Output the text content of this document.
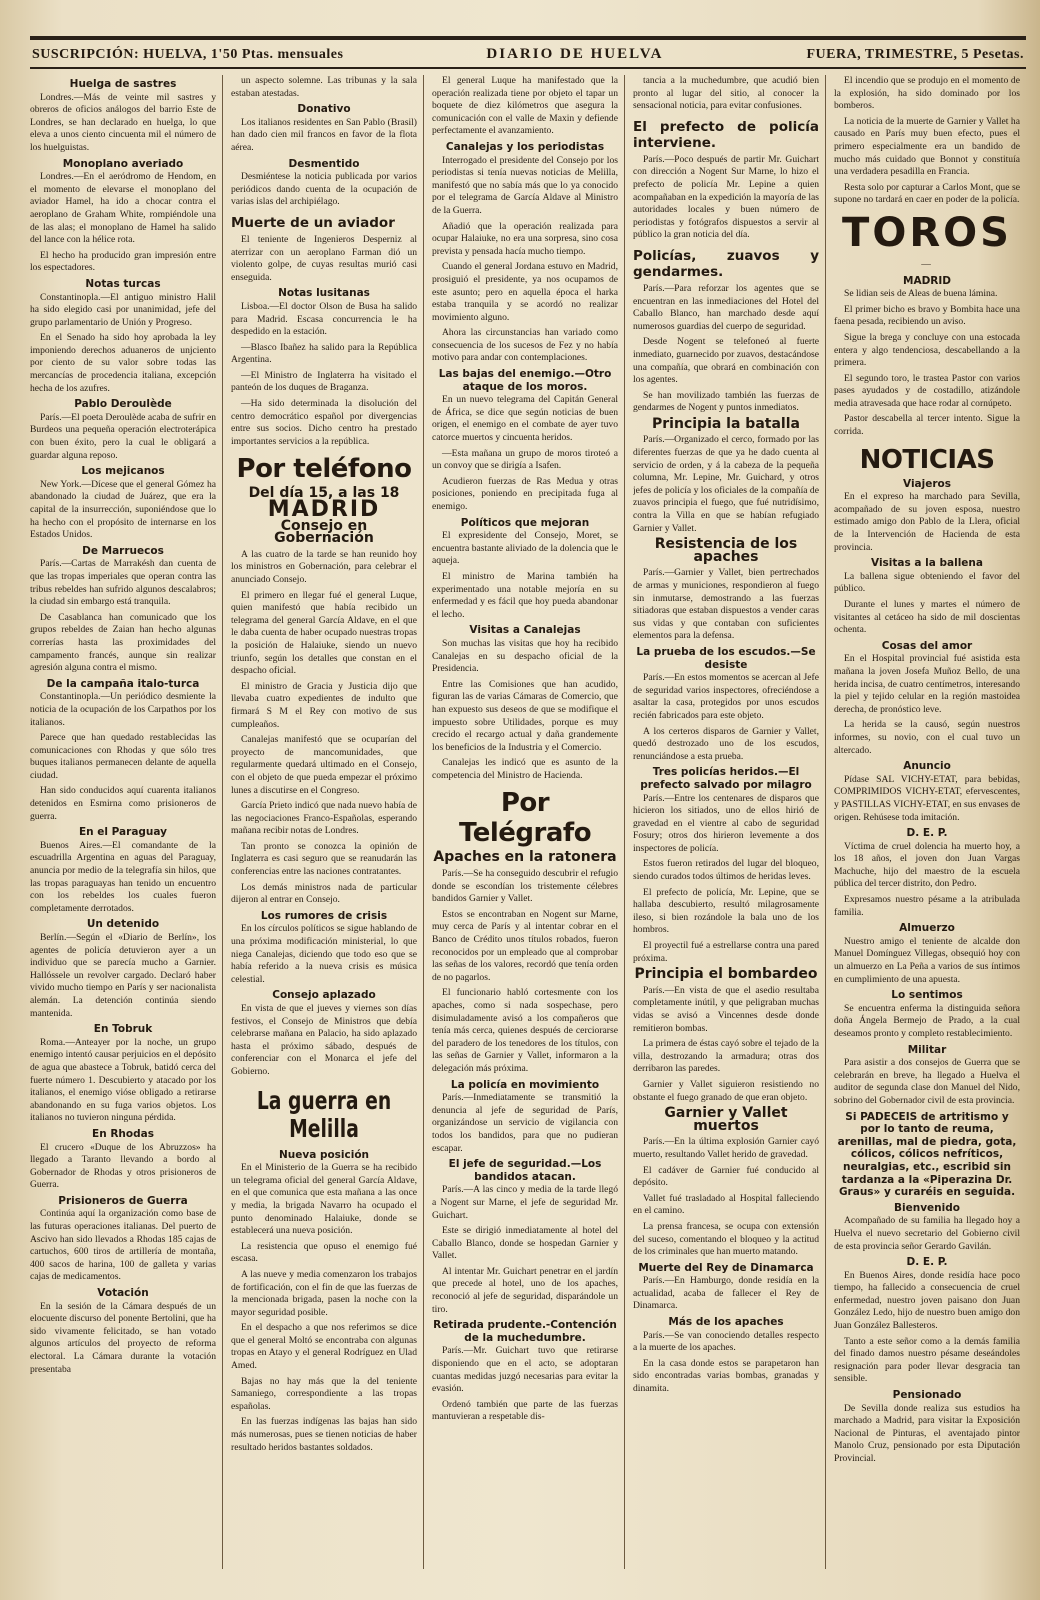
SUSCRIPCIÓN: HUELVA, 1'50 Ptas. mensuales	DIARIO DE HUELVA	FUERA, TRIMESTRE, 5 Pesetas.
Huelga de sastres
Londres.—Más de veinte mil sastres y obreros de oficios análogos del barrio Este de Londres, se han declarado en huelga, lo que eleva a unos ciento cincuenta mil el número de los huelguistas.
Monoplano averiado
Londres.—En el aeródromo de Hendom, en el momento de elevarse el monoplano del aviador Hamel, ha ido a chocar contra el aeroplano de Graham White, rompiéndole una de las alas; el monoplano de Hamel ha salido del lance con la hélice rota.
El hecho ha producido gran impresión entre los espectadores.
Notas turcas
Constantinopla.—El antiguo ministro Halil ha sido elegido casi por unanimidad, jefe del grupo parlamentario de Unión y Progreso.
En el Senado ha sido hoy aprobada la ley imponiendo derechos aduaneros de unjciento por ciento de su valor sobre todas las mercancías de procedencia italiana, excepción hecha de los azufres.
Pablo Deroulède
París.—El poeta Deroulède acaba de sufrir en Burdeos una pequeña operación electroterápica con buen éxito, pero la cual le obligará a guardar alguna reposo.
Los mejicanos
New York.—Dícese que el general Gómez ha abandonado la ciudad de Juárez, que era la capital de la insurrección, suponiéndose que lo ha hecho con el propósito de internarse en los Estados Unidos.
De Marruecos
París.—Cartas de Marrakésh dan cuenta de que las tropas imperiales que operan contra las tribus rebeldes han sufrido algunos descalabros; la ciudad sin embargo está tranquila.
De Casablanca han comunicado que los grupos rebeldes de Zaian han hecho algunas correrías hasta las proximidades del campamento francés, aunque sin realizar agresión alguna contra el mismo.
De la campaña italo-turca
Constantinopla.—Un periódico desmiente la noticia de la ocupación de los Carpathos por los italianos.
Parece que han quedado restablecidas las comunicaciones con Rhodas y que sólo tres buques italianos permanecen delante de aquella ciudad.
Han sido conducidos aquí cuarenta italianos detenidos en Esmirna como prisioneros de guerra.
En el Paraguay
Buenos Aires.—El comandante de la escuadrilla Argentina en aguas del Paraguay, anuncia por medio de la telegrafía sin hilos, que las tropas paraguayas han tenido un encuentro con los rebeldes los cuales fueron completamente derrotados.
Un detenido
Berlín.—Según el «Diario de Berlín», los agentes de policía detuvieron ayer a un individuo que se parecía mucho a Garnier. Hallóssele un revolver cargado. Declaró haber vivido mucho tiempo en París y ser nacionalista alemán. La detención continúa siendo mantenida.
En Tobruk
Roma.—Anteayer por la noche, un grupo enemigo intentó causar perjuicios en el depósito de agua que abastece a Tobruk, batidó cerca del fuerte número 1. Descubierto y atacado por los italianos, el enemigo vióse obligado a retirarse abandonando en su fuga varios objetos. Los italianos no tuvieron ninguna pérdida.
En Rhodas
El crucero «Duque de los Abruzzos» ha llegado a Taranto llevando a bordo al Gobernador de Rhodas y otros prisioneros de Guerra.
Prisioneros de Guerra
Continúa aquí la organización como base de las futuras operaciones italianas. Del puerto de Ascivo han sido llevados a Rhodas 185 cajas de cartuchos, 600 tiros de artillería de montaña, 400 sacos de harina, 100 de galleta y varias cajas de medicamentos.
Votación
En la sesión de la Cámara después de un elocuente discurso del ponente Bertolini, que ha sido vivamente felicitado, se han votado algunos artículos del proyecto de reforma electoral. La Cámara durante la votación presentaba
un aspecto solemne. Las tribunas y la sala estaban atestadas.
Donativo
Los italianos residentes en San Pablo (Brasil) han dado cien mil francos en favor de la flota aérea.
Desmentido
Desmiéntese la noticia publicada por varios periódicos dando cuenta de la ocupación de varias islas del archipiélago.
Muerte de un aviador
El teniente de Ingenieros Desperniz al aterrizar con un aeroplano Farman dió un violento golpe, de cuyas resultas murió casi enseguida.
Notas lusitanas
Lisboa.—El doctor Olson de Busa ha salido para Madrid. Escasa concurrencia le ha despedido en la estación.
—Blasco Ibañez ha salido para la República Argentina.
—El Ministro de Inglaterra ha visitado el panteón de los duques de Braganza.
—Ha sido determinada la disolución del centro democrático español por divergencias entre sus socios. Dicho centro ha prestado importantes servicios a la república.
Por teléfono
Del día 15, a las 18
MADRID
Consejo en Gobernación
A las cuatro de la tarde se han reunido hoy los ministros en Gobernación, para celebrar el anunciado Consejo.
El primero en llegar fué el general Luque, quien manifestó que había recibido un telegrama del general García Aldave, en el que le daba cuenta de haber ocupado nuestras tropas la posición de Halaiuke, siendo un nuevo triunfo, según los detalles que constan en el despacho oficial.
El ministro de Gracia y Justicia dijo que llevaba cuatro expedientes de indulto que firmará S M el Rey con motivo de sus cumpleaños.
Canalejas manifestó que se ocuparían del proyecto de mancomunidades, que regularmente quedará ultimado en el Consejo, con el objeto de que pueda empezar el próximo lunes a discutirse en el Congreso.
García Prieto indicó que nada nuevo había de las negociaciones Franco-Españolas, esperando mañana recibir notas de Londres.
Tan pronto se conozca la opinión de Inglaterra es casi seguro que se reanudarán las conferencias entre las naciones contratantes.
Los demás ministros nada de particular dijeron al entrar en Consejo.
Los rumores de crisis
En los círculos políticos se sigue hablando de una próxima modificación ministerial, lo que niega Canalejas, diciendo que todo eso que se había referido a la nueva crisis es música celestial.
Consejo aplazado
En vista de que el jueves y viernes son días festivos, el Consejo de Ministros que debía celebrarse mañana en Palacio, ha sido aplazado hasta el próximo sábado, después de conferenciar con el Monarca el jefe del Gobierno.
La guerra en Melilla
Nueva posición
En el Ministerio de la Guerra se ha recibido un telegrama oficial del general García Aldave, en el que comunica que esta mañana a las once y media, la brigada Navarro ha ocupado el punto denominado Halaiuke, donde se establecerá una nueva posición.
La resistencia que opuso el enemigo fué escasa.
A las nueve y media comenzaron los trabajos de fortificación, con el fin de que las fuerzas de la mencionada brigada, pasen la noche con la mayor seguridad posible.
En el despacho a que nos referimos se dice que el general Moltó se encontraba con algunas tropas en Atayo y el general Rodríguez en Ulad Amed.
Bajas no hay más que la del teniente Samaniego, correspondiente a las tropas españolas.
En las fuerzas indígenas las bajas han sido más numerosas, pues se tienen noticias de haber resultado heridos bastantes soldados.
El general Luque ha manifestado que la operación realizada tiene por objeto el tapar un boquete de diez kilómetros que asegura la comunicación con el valle de Maxin y defiende perfectamente el avanzamiento.
Canalejas y los periodistas
Interrogado el presidente del Consejo por los periodistas si tenía nuevas noticias de Melilla, manifestó que no sabía más que lo ya conocido por el telegrama de García Aldave al Ministro de la Guerra.
Añadió que la operación realizada para ocupar Halaiuke, no era una sorpresa, sino cosa prevista y pensada hacía mucho tiempo.
Cuando el general Jordana estuvo en Madrid, prosiguió el presidente, ya nos ocupamos de este asunto; pero en aquella época el harka estaba tranquila y se acordó no realizar movimiento alguno.
Ahora las circunstancias han variado como consecuencia de los sucesos de Fez y no había motivo para andar con contemplaciones.
Las bajas del enemigo.—Otro ataque de los moros.
En un nuevo telegrama del Capitán General de África, se dice que según noticias de buen origen, el enemigo en el combate de ayer tuvo catorce muertos y cincuenta heridos.
—Esta mañana un grupo de moros tiroteó a un convoy que se dirigía a Isafen.
Acudieron fuerzas de Ras Medua y otras posiciones, poniendo en precipitada fuga al enemigo.
Políticos que mejoran
El expresidente del Consejo, Moret, se encuentra bastante aliviado de la dolencia que le aqueja.
El ministro de Marina también ha experimentado una notable mejoría en su enfermedad y es fácil que hoy pueda abandonar el lecho.
Visitas a Canalejas
Son muchas las visitas que hoy ha recibido Canalejas en su despacho oficial de la Presidencia.
Entre las Comisiones que han acudido, figuran las de varias Cámaras de Comercio, que han expuesto sus deseos de que se modifique el impuesto sobre Utilidades, porque es muy crecido el recargo actual y daña grandemente los beneficios de la Industria y el Comercio.
Canalejas les indicó que es asunto de la competencia del Ministro de Hacienda.
Por Telégrafo
Apaches en la ratonera
París.—Se ha conseguido descubrir el refugio donde se escondían los tristemente célebres bandidos Garnier y Vallet.
Estos se encontraban en Nogent sur Marne, muy cerca de París y al intentar cobrar en el Banco de Crédito unos títulos robados, fueron reconocidos por un empleado que al comprobar las señas de los valores, recordó que tenía orden de no pagarlos.
El funcionario habló cortesmente con los apaches, como si nada sospechase, pero disimuladamente avisó a los compañeros que tenía más cerca, quienes después de cerciorarse del paradero de los tenedores de los títulos, con las señas de Garnier y Vallet, informaron a la delegación más próxima.
La policía en movimiento
París.—Inmediatamente se transmitió la denuncia al jefe de seguridad de París, organizándose un servicio de vigilancia con todos los bandidos, para que no pudieran escapar.
El jefe de seguridad.—Los bandidos atacan.
París.—A las cinco y media de la tarde llegó a Nogent sur Marne, el jefe de seguridad Mr. Guichart.
Este se dirigió inmediatamente al hotel del Caballo Blanco, donde se hospedan Garnier y Vallet.
Al intentar Mr. Guichart penetrar en el jardín que precede al hotel, uno de los apaches, reconoció al jefe de seguridad, disparándole un tiro.
Retirada prudente.-Contención de la muchedumbre.
París.—Mr. Guichart tuvo que retirarse disponiendo que en el acto, se adoptaran cuantas medidas juzgó necesarias para evitar la evasión.
Ordenó también que parte de las fuerzas mantuvieran a respetable dis-
tancia a la muchedumbre, que acudió bien pronto al lugar del sitio, al conocer la sensacional noticia, para evitar confusiones.
El prefecto de policía interviene.
París.—Poco después de partir Mr. Guichart con dirección a Nogent Sur Marne, lo hizo el prefecto de policía Mr. Lepine a quien acompañaban en la expedición la mayoría de las autoridades locales y buen número de periodistas y fotógrafos dispuestos a servir al público la gran noticia del día.
Policías, zuavos y gendarmes.
París.—Para reforzar los agentes que se encuentran en las inmediaciones del Hotel del Caballo Blanco, han marchado desde aquí numerosos guardias del cuerpo de seguridad.
Desde Nogent se telefoneó al fuerte inmediato, guarnecido por zuavos, destacándose una compañía, que obrará en combinación con los agentes.
Se han movilizado también las fuerzas de gendarmes de Nogent y puntos inmediatos.
Principia la batalla
París.—Organizado el cerco, formado por las diferentes fuerzas de que ya he dado cuenta al servicio de orden, y á la cabeza de la pequeña columna, Mr. Lepine, Mr. Guichard, y otros jefes de policía y los oficiales de la compañía de zuavos principia el fuego, que fué nutridísimo, contra la Villa en que se habían refugiado Garnier y Vallet.
Resistencia de los apaches
París.—Garnier y Vallet, bien pertrechados de armas y municiones, respondieron al fuego sin inmutarse, demostrando a las fuerzas sitiadoras que estaban dispuestos a vender caras sus vidas y que contaban con suficientes elementos para la defensa.
La prueba de los escudos.—Se desiste
París.—En estos momentos se acercan al Jefe de seguridad varios inspectores, ofreciéndose a asaltar la casa, protegidos por unos escudos recién fabricados para este objeto.
A los certeros disparos de Garnier y Vallet, quedó destrozado uno de los escudos, renunciándose a esta prueba.
Tres policías heridos.—El prefecto salvado por milagro
París.—Entre los centenares de disparos que hicieron los sitiados, uno de ellos hirió de gravedad en el vientre al cabo de seguridad Fosury; otros dos hirieron levemente a dos inspectores de policía.
Estos fueron retirados del lugar del bloqueo, siendo curados todos últimos de heridas leves.
El prefecto de policía, Mr. Lepine, que se hallaba descubierto, resultó milagrosamente ileso, si bien rozándole la bala uno de los hombros.
El proyectil fué a estrellarse contra una pared próxima.
Principia el bombardeo
París.—En vista de que el asedio resultaba completamente inútil, y que peligraban muchas vidas se avisó a Vincennes desde donde remitieron bombas.
La primera de éstas cayó sobre el tejado de la villa, destrozando la armadura; otras dos derribaron las paredes.
Garnier y Vallet siguieron resistiendo no obstante el fuego granado de que eran objeto.
Garnier y Vallet muertos
París.—En la última explosión Garnier cayó muerto, resultando Vallet herido de gravedad.
El cadáver de Garnier fué conducido al depósito.
Vallet fué trasladado al Hospital falleciendo en el camino.
La prensa francesa, se ocupa con extensión del suceso, comentando el bloqueo y la actitud de los criminales que han muerto matando.
Muerte del Rey de Dinamarca
París.—En Hamburgo, donde residía en la actualidad, acaba de fallecer el Rey de Dinamarca.
Más de los apaches
París.—Se van conociendo detalles respecto a la muerte de los apaches.
En la casa donde estos se parapetaron han sido encontradas varias bombas, granadas y dinamita.
El incendio que se produjo en el momento de la explosión, ha sido dominado por los bomberos.
La noticia de la muerte de Garnier y Vallet ha causado en París muy buen efecto, pues el primero especialmente era un bandido de mucho más cuidado que Bonnot y constituía una verdadera pesadilla en Francia.
Resta solo por capturar a Carlos Mont, que se supone no tardará en caer en poder de la policía.
TOROS
—
MADRID
Se lidian seis de Aleas de buena lámina.
El primer bicho es bravo y Bombita hace una faena pesada, recibiendo un aviso.
Sigue la brega y concluye con una estocada entera y algo tendenciosa, descabellando a la primera.
El segundo toro, le trastea Pastor con varios pases ayudados y de costadillo, atizándole media atravesada que hace rodar al cornúpeto.
Pastor descabella al tercer intento. Sigue la corrida.
NOTICIAS
Viajeros
En el expreso ha marchado para Sevilla, acompañado de su joven esposa, nuestro estimado amigo don Pablo de la Llera, oficial de la Intervención de Hacienda de esta provincia.
Visitas a la ballena
La ballena sigue obteniendo el favor del público.
Durante el lunes y martes el número de visitantes al cetáceo ha sido de mil doscientas ochenta.
Cosas del amor
En el Hospital provincial fué asistida esta mañana la joven Josefa Muñoz Bello, de una herida incisa, de cuatro centímetros, interesando la piel y tejido celular en la región mastoidea derecha, de pronóstico leve.
La herida se la causó, según nuestros informes, su novio, con el cual tuvo un altercado.
Anuncio
Pídase SAL VICHY-ETAT, para bebidas, COMPRIMIDOS VICHY-ETAT, efervescentes, y PASTILLAS VICHY-ETAT, en sus envases de origen. Rehúsese toda imitación.
D. E. P.
Víctima de cruel dolencia ha muerto hoy, a los 18 años, el joven don Juan Vargas Machuche, hijo del maestro de la escuela pública del tercer distrito, don Pedro.
Expresamos nuestro pésame a la atribulada familia.
Almuerzo
Nuestro amigo el teniente de alcalde don Manuel Domínguez Villegas, obsequió hoy con un almuerzo en La Peña a varios de sus íntimos en cumplimiento de una apuesta.
Lo sentimos
Se encuentra enferma la distinguida señora doña Ángela Bermejo de Prado, a la cual deseamos pronto y completo restablecimiento.
Militar
Para asistir a dos consejos de Guerra que se celebrarán en breve, ha llegado a Huelva el auditor de segunda clase don Manuel del Nido, sobrino del Gobernador civil de esta provincia.
Si PADECEIS de artritismo y por lo tanto de reuma, arenillas, mal de piedra, gota, cólicos, cólicos nefríticos, neuralgias, etc., escribid sin tardanza a la «Piperazina Dr. Graus» y curaréis en seguida.
Bienvenido
Acompañado de su familia ha llegado hoy a Huelva el nuevo secretario del Gobierno civil de esta provincia señor Gerardo Gavilán.
D. E. P.
En Buenos Aires, donde residía hace poco tiempo, ha fallecido a consecuencia de cruel enfermedad, nuestro joven paisano don Juan González Ledo, hijo de nuestro buen amigo don Juan González Ballesteros.
Tanto a este señor como a la demás familia del finado damos nuestro pésame deseándoles resignación para poder llevar desgracia tan sensible.
Pensionado
De Sevilla donde realiza sus estudios ha marchado a Madrid, para visitar la Exposición Nacional de Pinturas, el aventajado pintor Manolo Cruz, pensionado por esta Diputación Provincial.
